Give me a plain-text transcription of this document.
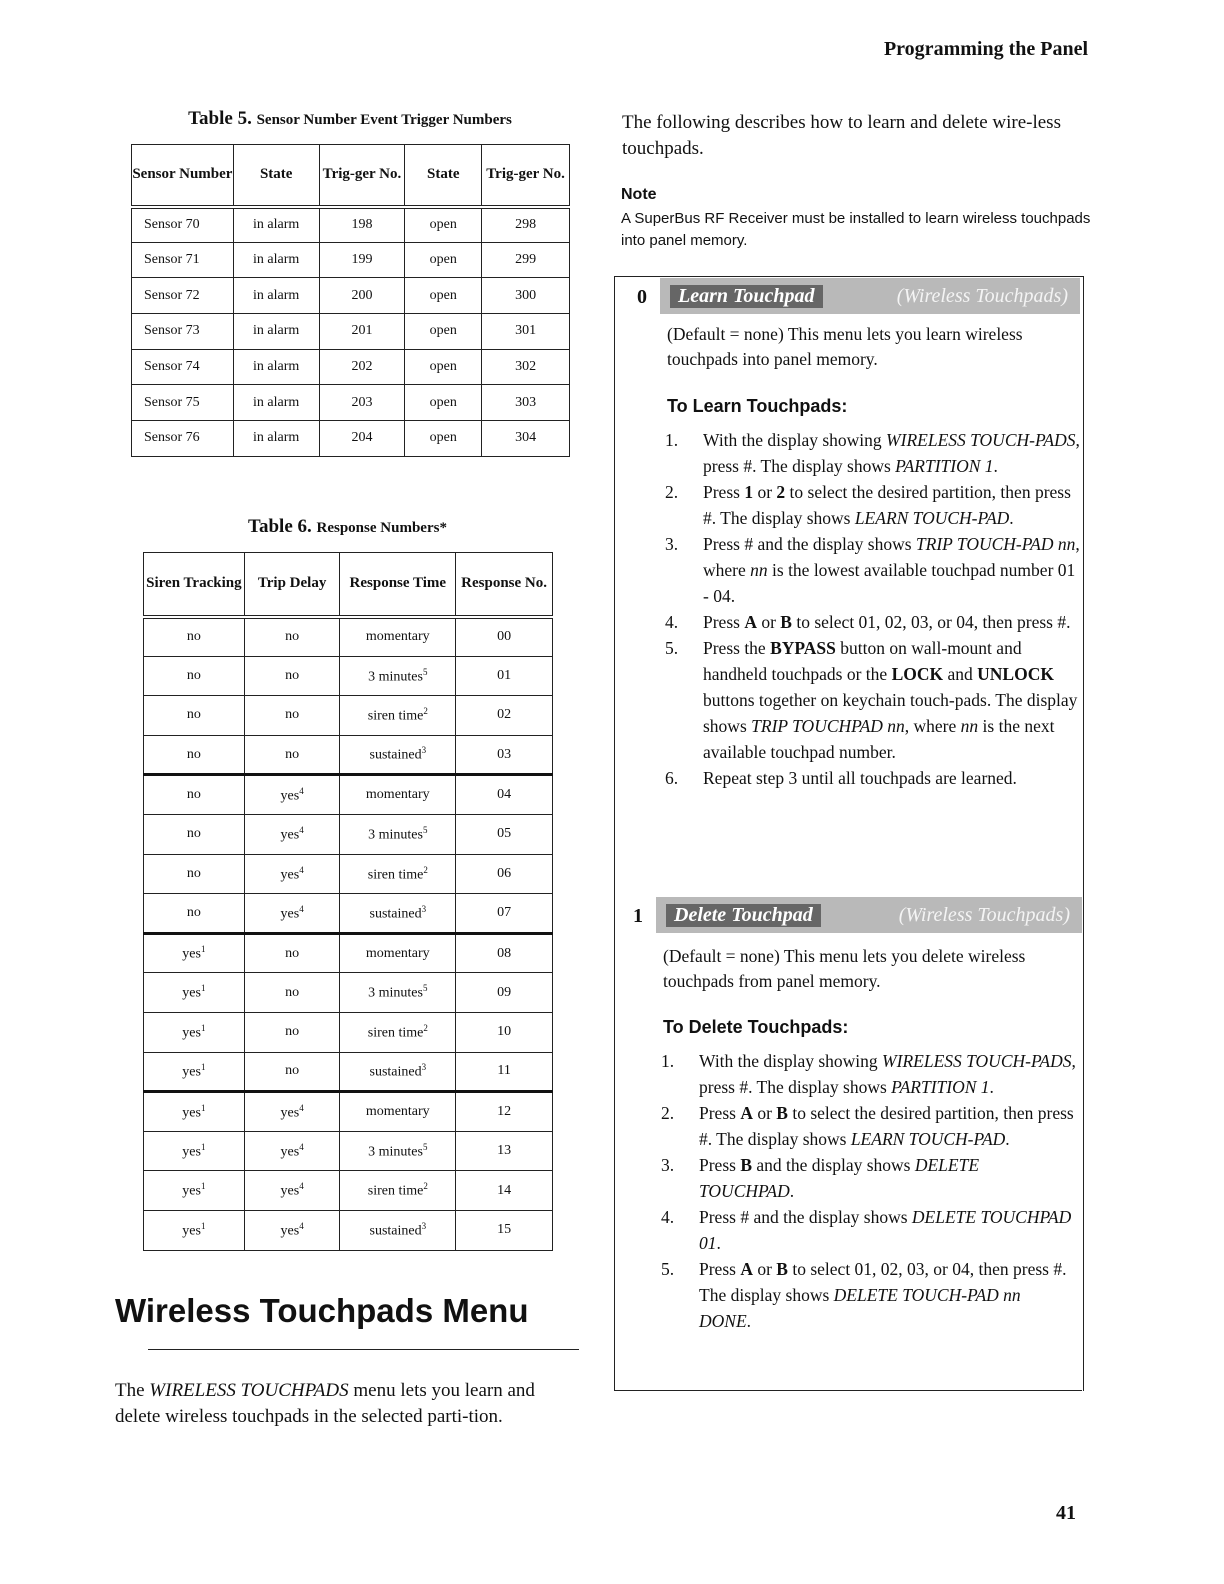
Programming the Panel
Table 5. Sensor Number Event Trigger Numbers
Sensor Number	State	Trig-ger No.	State	Trig-ger No.
Sensor 70	in alarm	198	open	298
Sensor 71	in alarm	199	open	299
Sensor 72	in alarm	200	open	300
Sensor 73	in alarm	201	open	301
Sensor 74	in alarm	202	open	302
Sensor 75	in alarm	203	open	303
Sensor 76	in alarm	204	open	304
Table 6. Response Numbers*
Siren Tracking	Trip Delay	Response Time	Response No.
no	no	momentary	00
no	no	3 minutes$^5$	01
no	no	siren time$^2$	02
no	no	sustained$^3$	03
no	yes$^4$	momentary	04
no	yes$^4$	3 minutes$^5$	05
no	yes$^4$	siren time$^2$	06
no	yes$^4$	sustained$^3$	07
yes$^1$	no	momentary	08
yes$^1$	no	3 minutes$^5$	09
yes$^1$	no	siren time$^2$	10
yes$^1$	no	sustained$^3$	11
yes$^1$	yes$^4$	momentary	12
yes$^1$	yes$^4$	3 minutes$^5$	13
yes$^1$	yes$^4$	siren time$^2$	14
yes$^1$	yes$^4$	sustained$^3$	15
Wireless Touchpads Menu
The WIRELESS TOUCHPADS menu lets you learn and delete wireless touchpads in the selected parti-tion.
The following describes how to learn and delete wire-less touchpads.
Note
A SuperBus RF Receiver must be installed to learn wireless touchpads into panel memory.
0	Learn Touchpad	(Wireless Touchpads)
(Default = none) This menu lets you learn wireless touchpads into panel memory.
To Learn Touchpads:
1. With the display showing WIRELESS TOUCH-PADS, press #. The display shows PARTITION 1.
2. Press 1 or 2 to select the desired partition, then press #. The display shows LEARN TOUCH-PAD.
3. Press # and the display shows TRIP TOUCH-PAD nn, where nn is the lowest available touchpad number 01 - 04.
4. Press A or B to select 01, 02, 03, or 04, then press #.
5. Press the BYPASS button on wall-mount and handheld touchpads or the LOCK and UNLOCK buttons together on keychain touch-pads. The display shows TRIP TOUCHPAD nn, where nn is the next available touchpad number.
6. Repeat step 3 until all touchpads are learned.
1	Delete Touchpad	(Wireless Touchpads)
(Default = none) This menu lets you delete wireless touchpads from panel memory.
To Delete Touchpads:
1. With the display showing WIRELESS TOUCH-PADS, press #. The display shows PARTITION 1.
2. Press A or B to select the desired partition, then press #. The display shows LEARN TOUCH-PAD.
3. Press B and the display shows DELETE TOUCHPAD.
4. Press # and the display shows DELETE TOUCHPAD 01.
5. Press A or B to select 01, 02, 03, or 04, then press #. The display shows DELETE TOUCH-PAD nn DONE.
41
